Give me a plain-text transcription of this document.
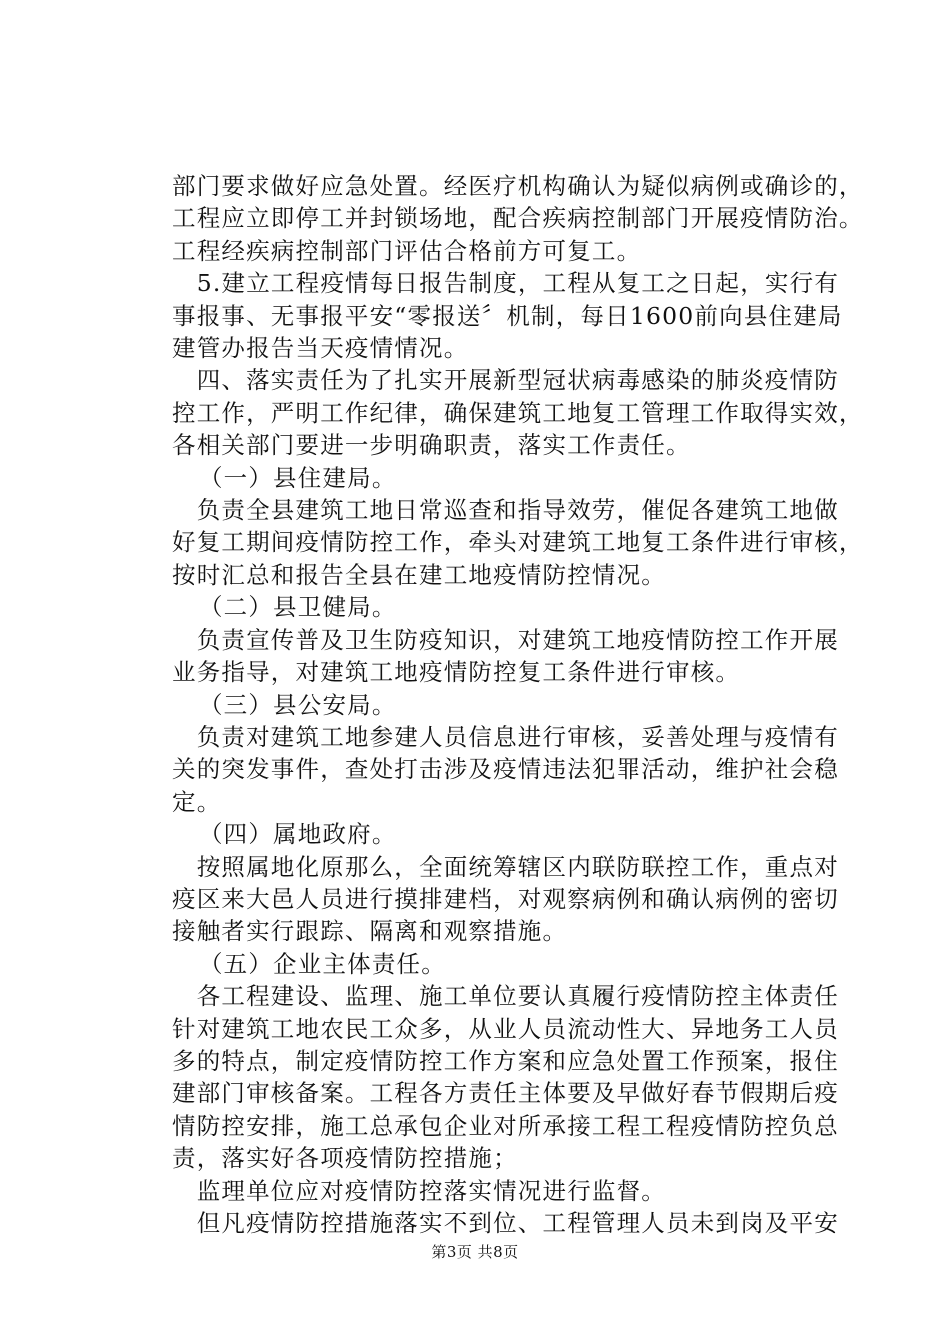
部门要求做好应急处置。经医疗机构确认为疑似病例或确诊的，
工程应立即停工并封锁场地，配合疾病控制部门开展疫情防治。
工程经疾病控制部门评估合格前方可复工。

　5.建立工程疫情每日报告制度，工程从复工之日起，实行有
事报事、无事报平安“零报送〞机制，每日1600前向县住建局
建管办报告当天疫情情况。

　四、落实责任为了扎实开展新型冠状病毒感染的肺炎疫情防
控工作，严明工作纪律，确保建筑工地复工管理工作取得实效，
各相关部门要进一步明确职责，落实工作责任。

　（一）县住建局。

　负责全县建筑工地日常巡查和指导效劳，催促各建筑工地做
好复工期间疫情防控工作，牵头对建筑工地复工条件进行审核，
按时汇总和报告全县在建工地疫情防控情况。

　（二）县卫健局。

　负责宣传普及卫生防疫知识，对建筑工地疫情防控工作开展
业务指导，对建筑工地疫情防控复工条件进行审核。

　（三）县公安局。

　负责对建筑工地参建人员信息进行审核，妥善处理与疫情有
关的突发事件，查处打击涉及疫情违法犯罪活动，维护社会稳
定。

　（四）属地政府。

　按照属地化原那么，全面统筹辖区内联防联控工作，重点对
疫区来大邑人员进行摸排建档，对观察病例和确认病例的密切
接触者实行跟踪、隔离和观察措施。

　（五）企业主体责任。

　各工程建设、监理、施工单位要认真履行疫情防控主体责任
针对建筑工地农民工众多，从业人员流动性大、异地务工人员
多的特点，制定疫情防控工作方案和应急处置工作预案，报住
建部门审核备案。工程各方责任主体要及早做好春节假期后疫
情防控安排，施工总承包企业对所承接工程工程疫情防控负总
责，落实好各项疫情防控措施；

　监理单位应对疫情防控落实情况进行监督。

　但凡疫情防控措施落实不到位、工程管理人员未到岗及平安

第3页 共8页
